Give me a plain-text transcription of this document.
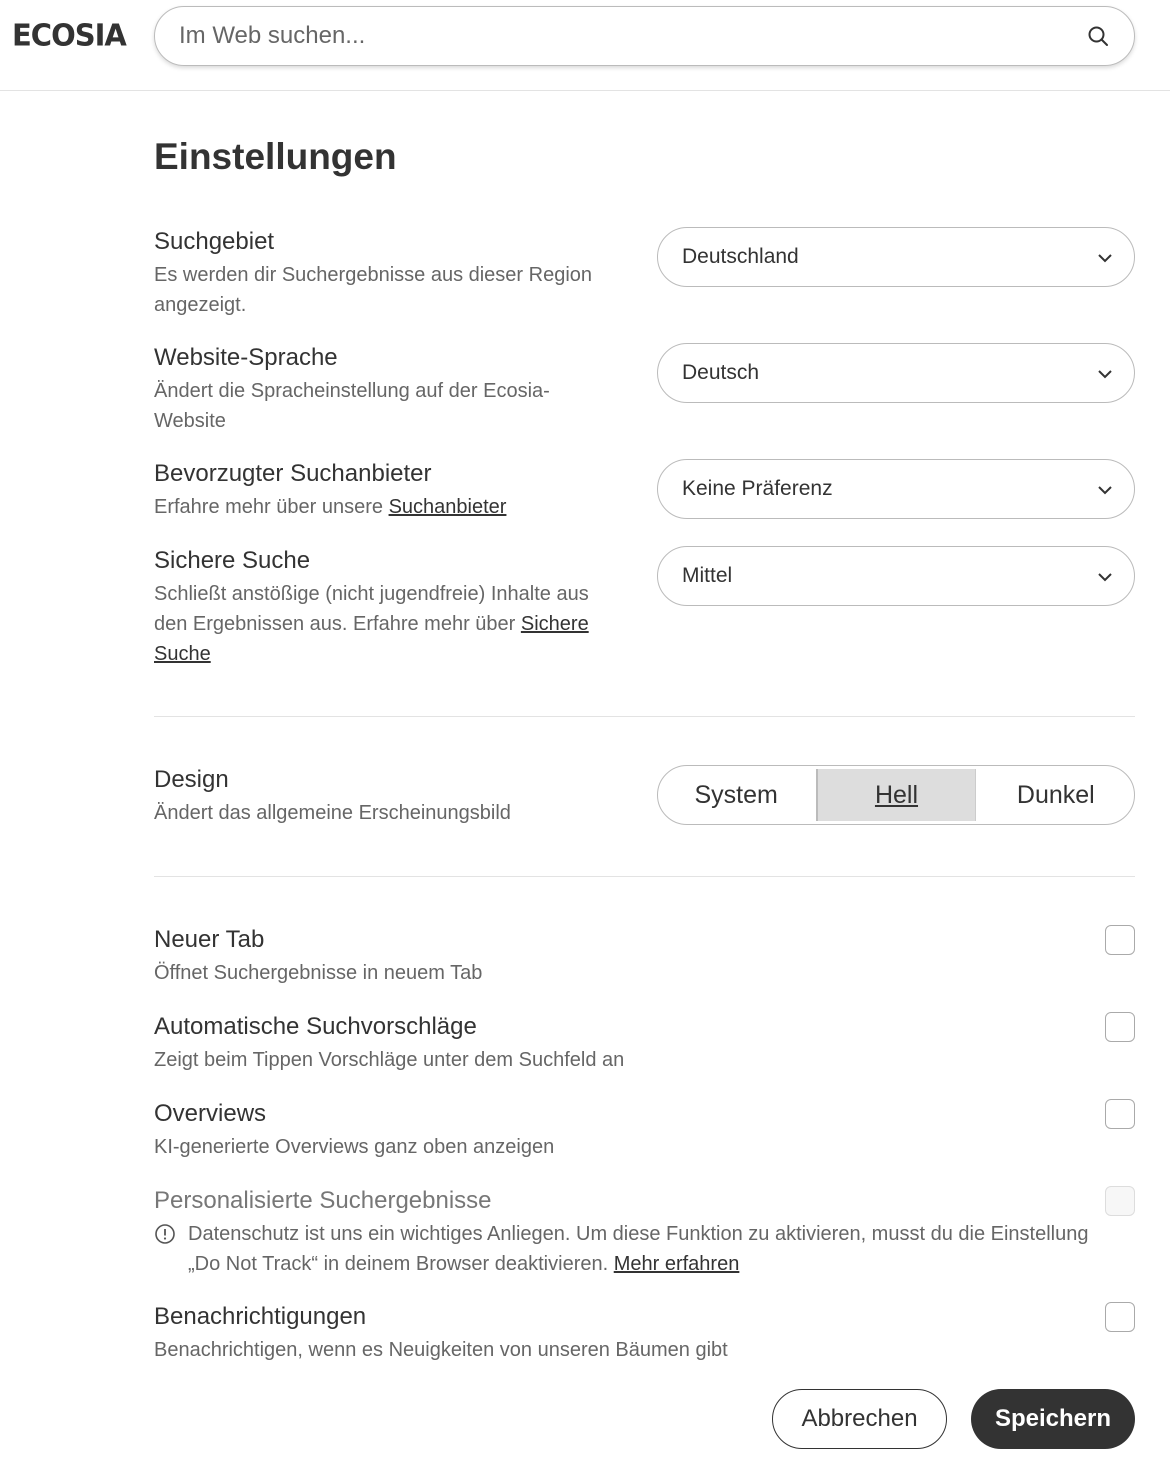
ECOSIA
Im Web suchen...
Einstellungen
Suchgebiet
Es werden dir Suchergebnisse aus dieser Region angezeigt.
Deutschland
Website-Sprache
Ändert die Spracheinstellung auf der Ecosia-Website
Deutsch
Bevorzugter Suchanbieter
Erfahre mehr über unsere Suchanbieter
Keine Präferenz
Sichere Suche
Schließt anstößige (nicht jugendfreie) Inhalte aus den Ergebnissen aus. Erfahre mehr über Sichere Suche
Mittel
Design
Ändert das allgemeine Erscheinungsbild
System	Hell	Dunkel
Neuer Tab
Öffnet Suchergebnisse in neuem Tab
Automatische Suchvorschläge
Zeigt beim Tippen Vorschläge unter dem Suchfeld an
Overviews
KI-generierte Overviews ganz oben anzeigen
Personalisierte Suchergebnisse
Datenschutz ist uns ein wichtiges Anliegen. Um diese Funktion zu aktivieren, musst du die Einstellung „Do Not Track“ in deinem Browser deaktivieren. Mehr erfahren
Benachrichtigungen
Benachrichtigen, wenn es Neuigkeiten von unseren Bäumen gibt
Abbrechen	Speichern
